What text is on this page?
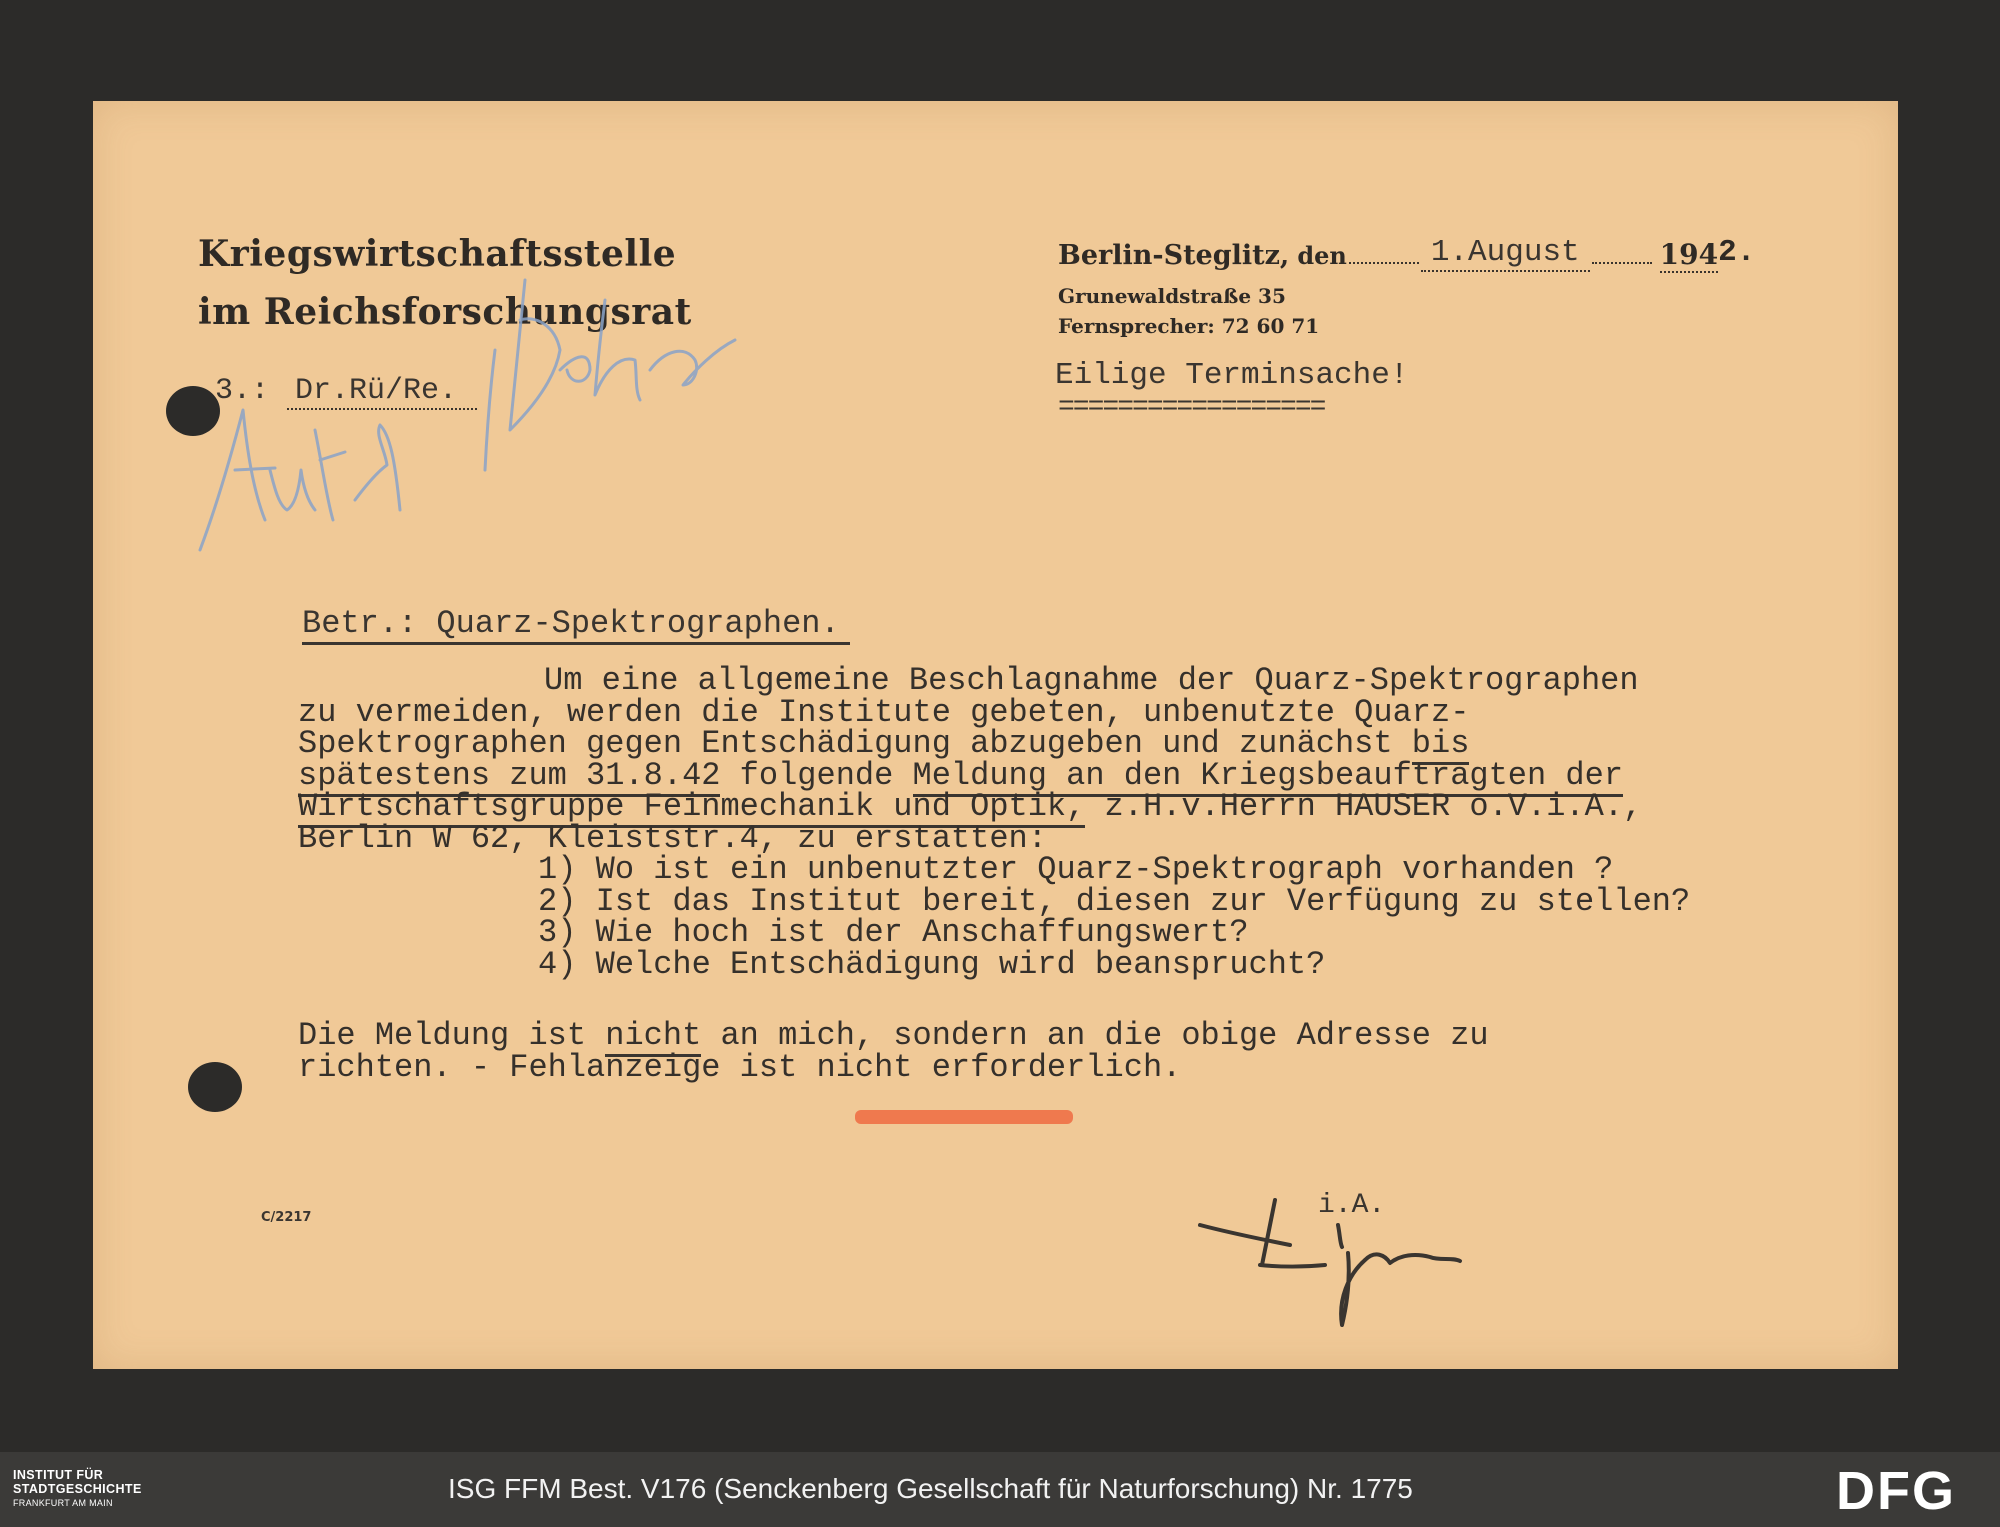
Kriegswirtschaftsstelle
im Reichsforschungsrat
Berlin-Steglitz, den	1.August	194 2.
Grunewaldstraße 35
Fernsprecher: 72 60 71
3.: Dr.Rü/Re.	Eilige Terminsache!
==================
Betr.: Quarz-Spektrographen.
Um eine allgemeine Beschlagnahme der Quarz-Spektrographen
zu vermeiden, werden die Institute gebeten, unbenutzte Quarz-
Spektrographen gegen Entschädigung abzugeben und zunächst bis
spätestens zum 31.8.42 folgende Meldung an den Kriegsbeauftragten der
Wirtschaftsgruppe Feinmechanik und Optik, z.H.v.Herrn HAUSER o.V.i.A.,
Berlin W 62, Kleiststr.4, zu erstatten:
1) Wo ist ein unbenutzter Quarz-Spektrograph vorhanden ?
2) Ist das Institut bereit, diesen zur Verfügung zu stellen?
3) Wie hoch ist der Anschaffungswert?
4) Welche Entschädigung wird beansprucht?
Die Meldung ist nicht an mich, sondern an die obige Adresse zu
richten. - Fehlanzeige ist nicht erforderlich.
C/2217	i.A.
INSTITUT FÜR
STADTGESCHICHTE
FRANKFURT AM MAIN	ISG FFM Best. V176 (Senckenberg Gesellschaft für Naturforschung) Nr. 1775	DFG
